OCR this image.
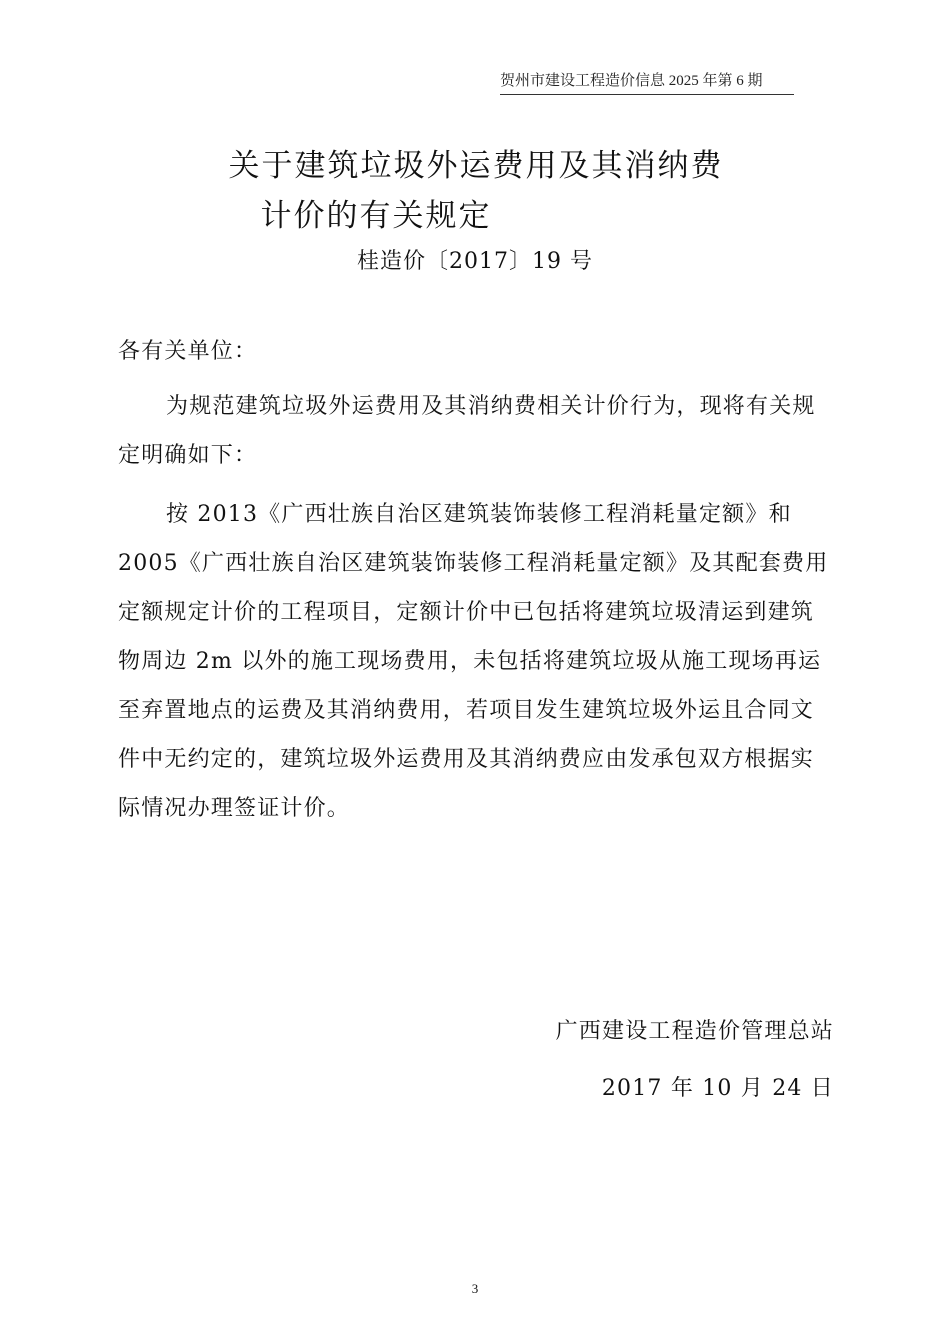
贺州市建设工程造价信息 2025 年第 6 期
关于建筑垃圾外运费用及其消纳费
计价的有关规定
桂造价〔2017〕19 号
各有关单位：
为规范建筑垃圾外运费用及其消纳费相关计价行为，现将有关规定明确如下：
按 2013《广西壮族自治区建筑装饰装修工程消耗量定额》和 2005《广西壮族自治区建筑装饰装修工程消耗量定额》及其配套费用定额规定计价的工程项目，定额计价中已包括将建筑垃圾清运到建筑物周边 2m 以外的施工现场费用，未包括将建筑垃圾从施工现场再运至弃置地点的运费及其消纳费用，若项目发生建筑垃圾外运且合同文件中无约定的，建筑垃圾外运费用及其消纳费应由发承包双方根据实际情况办理签证计价。
广西建设工程造价管理总站
2017 年 10 月 24 日
3
